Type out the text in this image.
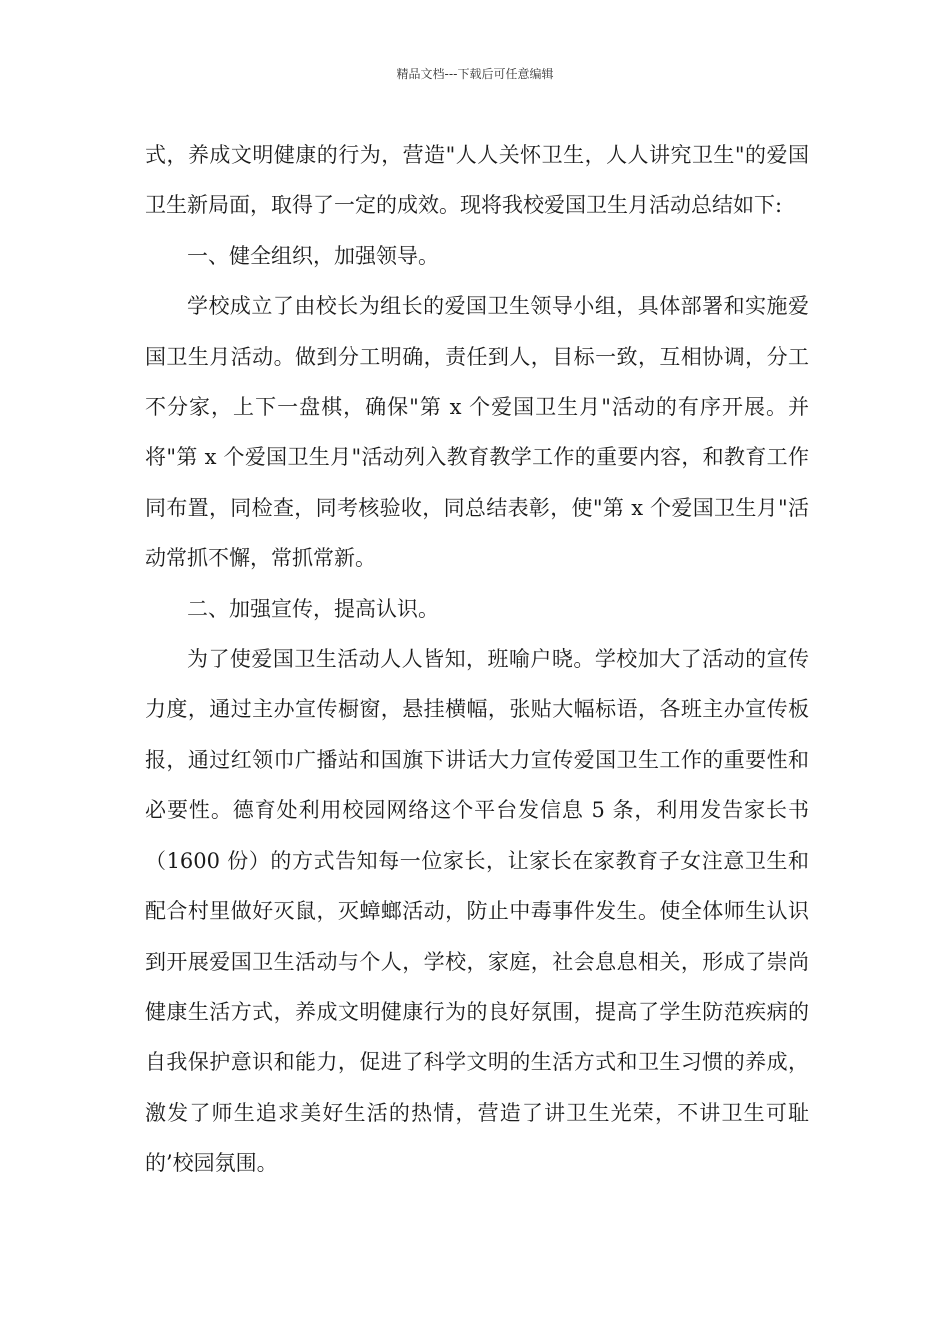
精品文档---下载后可任意编辑

式，养成文明健康的行为，营造"人人关怀卫生，人人讲究卫生"的爱国卫生新局面，取得了一定的成效。现将我校爱国卫生月活动总结如下:

一、健全组织，加强领导。

学校成立了由校长为组长的爱国卫生领导小组，具体部署和实施爱国卫生月活动。做到分工明确，责任到人，目标一致，互相协调，分工不分家，上下一盘棋，确保"第 x 个爱国卫生月"活动的有序开展。并将"第 x 个爱国卫生月"活动列入教育教学工作的重要内容，和教育工作同布置，同检查，同考核验收，同总结表彰，使"第 x 个爱国卫生月"活动常抓不懈，常抓常新。

二、加强宣传，提高认识。

为了使爱国卫生活动人人皆知，班喻户晓。学校加大了活动的宣传力度，通过主办宣传橱窗，悬挂横幅，张贴大幅标语，各班主办宣传板报，通过红领巾广播站和国旗下讲话大力宣传爱国卫生工作的重要性和必要性。德育处利用校园网络这个平台发信息 5 条，利用发告家长书（1600 份）的方式告知每一位家长，让家长在家教育子女注意卫生和配合村里做好灭鼠，灭蟑螂活动，防止中毒事件发生。使全体师生认识到开展爱国卫生活动与个人，学校，家庭，社会息息相关，形成了崇尚健康生活方式，养成文明健康行为的良好氛围，提高了学生防范疾病的自我保护意识和能力，促进了科学文明的生活方式和卫生习惯的养成，激发了师生追求美好生活的热情，营造了讲卫生光荣，不讲卫生可耻的’校园氛围。
